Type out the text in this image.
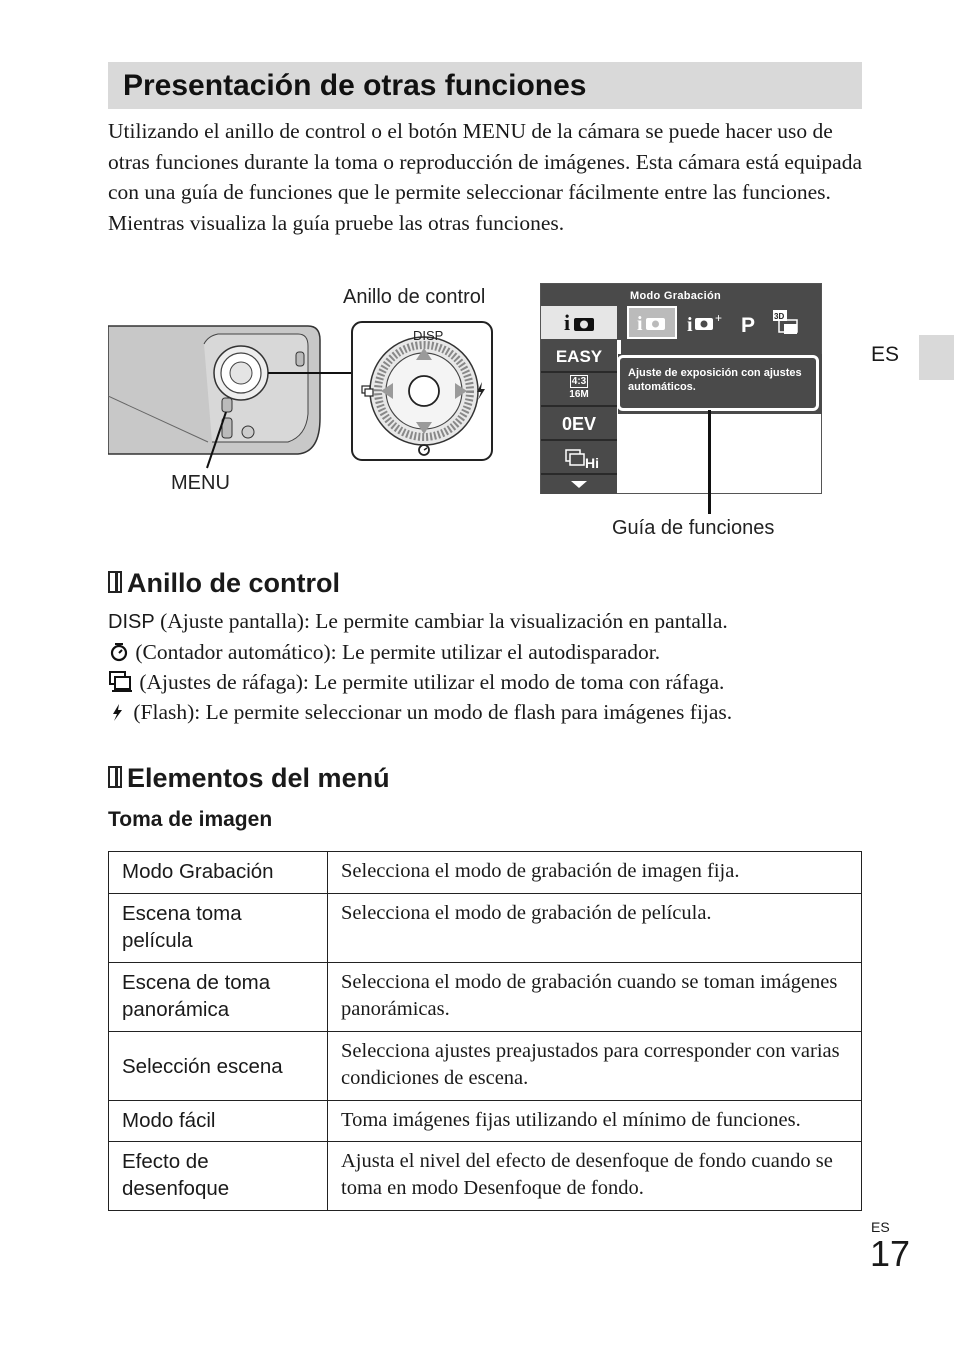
Presentación de otras funciones
Utilizando el anillo de control o el botón MENU de la cámara se puede hacer uso de otras funciones durante la toma o reproducción de imágenes. Esta cámara está equipada con una guía de funciones que le permite seleccionar fácilmente entre las funciones. Mientras visualiza la guía pruebe las otras funciones.
ES
Anillo de control
MENU
Guía de funciones
DISP
Modo Grabación
i	i i + P 3D
EASY
4:3
16M
0EV
Hi
Ajuste de exposición con ajustes automáticos.
Anillo de control
DISP (Ajuste pantalla): Le permite cambiar la visualización en pantalla.
(Contador automático): Le permite utilizar el autodisparador.
(Ajustes de ráfaga): Le permite utilizar el modo de toma con ráfaga.
(Flash): Le permite seleccionar un modo de flash para imágenes fijas.
Elementos del menú
Toma de imagen
Modo Grabación	Selecciona el modo de grabación de imagen fija.
Escena toma película	Selecciona el modo de grabación de película.
Escena de toma panorámica	Selecciona el modo de grabación cuando se toman imágenes panorámicas.
Selección escena	Selecciona ajustes preajustados para corresponder con varias condiciones de escena.
Modo fácil	Toma imágenes fijas utilizando el mínimo de funciones.
Efecto de desenfoque	Ajusta el nivel del efecto de desenfoque de fondo cuando se toma en modo Desenfoque de fondo.
ES
17
